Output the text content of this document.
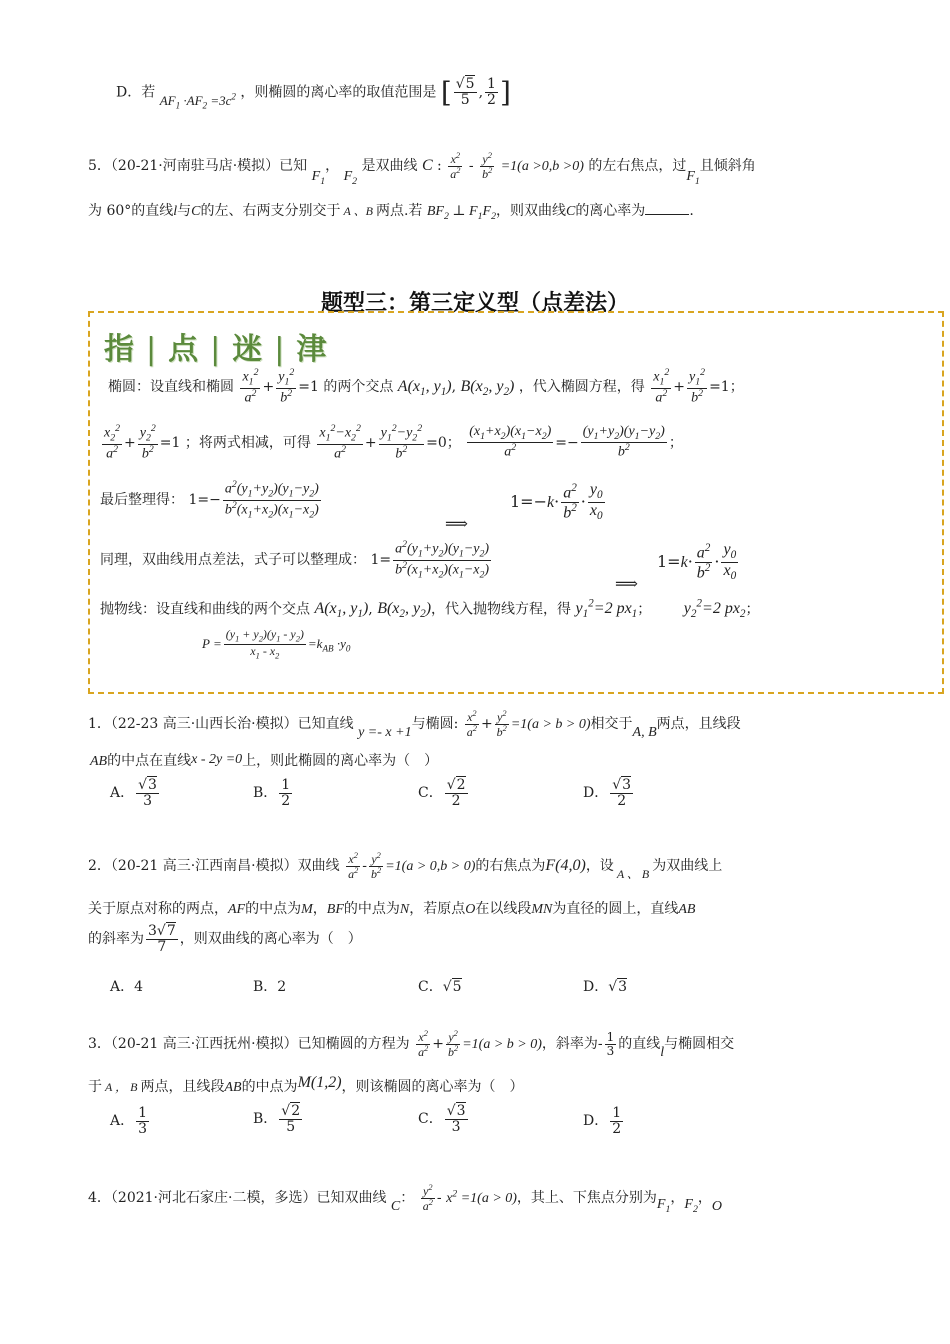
D．若 $AF_1 \cdot AF_2 =3c^2$ ，则椭圆的离心率的取值范围是 [ $\frac{√5}{5}$ , $\frac{1}{2}$ ]
5．（20-21·河南驻马店·模拟）已知 $F_1$， $F_2$ 是双曲线 C : $\frac{x^2}{a^2} - \frac{y^2}{b^2} =1(a >0,b >0)$ 的左右焦点，过$F_1$且倾斜角
为 60°的直线l与C的左、右两支分别交于 A 、B 两点.若 $BF_2$ ⊥ $F_1F_2$，则双曲线C的离心率为	.
题型三：第三定义型（点差法）
指 | 点 | 迷 | 津
椭圆：设直线和椭圆 $\frac{x_1^2}{a^2} + \frac{y_1^2}{b^2} =1$ 的两个交点 $A(x_1$, $y_1$), $B(x_2$, $y_2$) ，代入椭圆方程，得 $\frac{x_1^2}{a^2} + \frac{y_1^2}{b^2} =1$；
$\frac{x_2^2}{a^2} + \frac{y_2^2}{b^2} =1$ ；将两式相减，可得 $\frac{x_1^2-x_2^2}{a^2} + \frac{y_1^2-y_2^2}{b^2} =0$； $\frac{(x_1+x_2)(x_1-x_2)}{a^2} =- \frac{(y_1+y_2)(y_1-y_2)}{b^2}$ ；
最后整理得： $1=- \frac{a^2(y_1+y_2)(y_1-y_2)}{b^2(x_1+x_2)(x_1-x_2)}$
⟹
$1=-k\cdot \frac{a^2}{b^2} \cdot \frac{y_0}{x_0}$
同理，双曲线用点差法，式子可以整理成： $1= \frac{a^2(y_1+y_2)(y_1-y_2)}{b^2(x_1+x_2)(x_1-x_2)}$
⟹
$1=k\cdot \frac{a^2}{b^2} \cdot \frac{y_0}{x_0}$
抛物线：设直线和曲线的两个交点 $A(x_1$, $y_1$), $B(x_2$, $y_2$)，代入抛物线方程，得 $y_1^2=2$ $px_1$； $y_2^2=2$ $px_2$；
$P = \frac{(y_1 + y_2)(y_1 - y_2)}{x_1 - x_2} =k_{AB} \cdot y_0$
1．（22-23 高三·山西长治·模拟）已知直线 y =- x +1与椭圆: $\frac{x^2}{a^2} + \frac{y^2}{b^2} =1(a > b > 0)$相交于A, B两点，且线段
AB的中点在直线x - 2y =0上，则此椭圆的离心率为（　）
A． $\frac{√3}{3}$	B． $\frac{1}{2}$	C． $\frac{√2}{2}$	D． $\frac{√3}{2}$
2．（20-21 高三·江西南昌·模拟）双曲线 $\frac{x^2}{a^2} - \frac{y^2}{b^2} =1(a > 0,b > 0)$的右焦点为F(4,0)，设 A 、 B 为双曲线上
关于原点对称的两点，AF的中点为M，BF的中点为N，若原点O在以线段MN为直径的圆上，直线AB
的斜率为 $\frac{3√7}{7}$ ，则双曲线的离心率为（　）
A．4	B．2	C．√5	D．√3
3．（20-21 高三·江西抚州·模拟）已知椭圆的方程为 $\frac{x^2}{a^2} + \frac{y^2}{b^2} =1(a > b > 0)$，斜率为- $\frac{1}{3}$ 的直线l与椭圆相交
于 A ， B 两点，且线段AB的中点为M(1,2)，则该椭圆的离心率为（　）
A． $\frac{1}{3}$	B． $\frac{√2}{5}$	C． $\frac{√3}{3}$	D． $\frac{1}{2}$
4．（2021·河北石家庄·二模，多选）已知双曲线 C： $\frac{y^2}{a^2} - x^2 =1(a > 0)$，其上、下焦点分别为$F_1$，$F_2$，O
